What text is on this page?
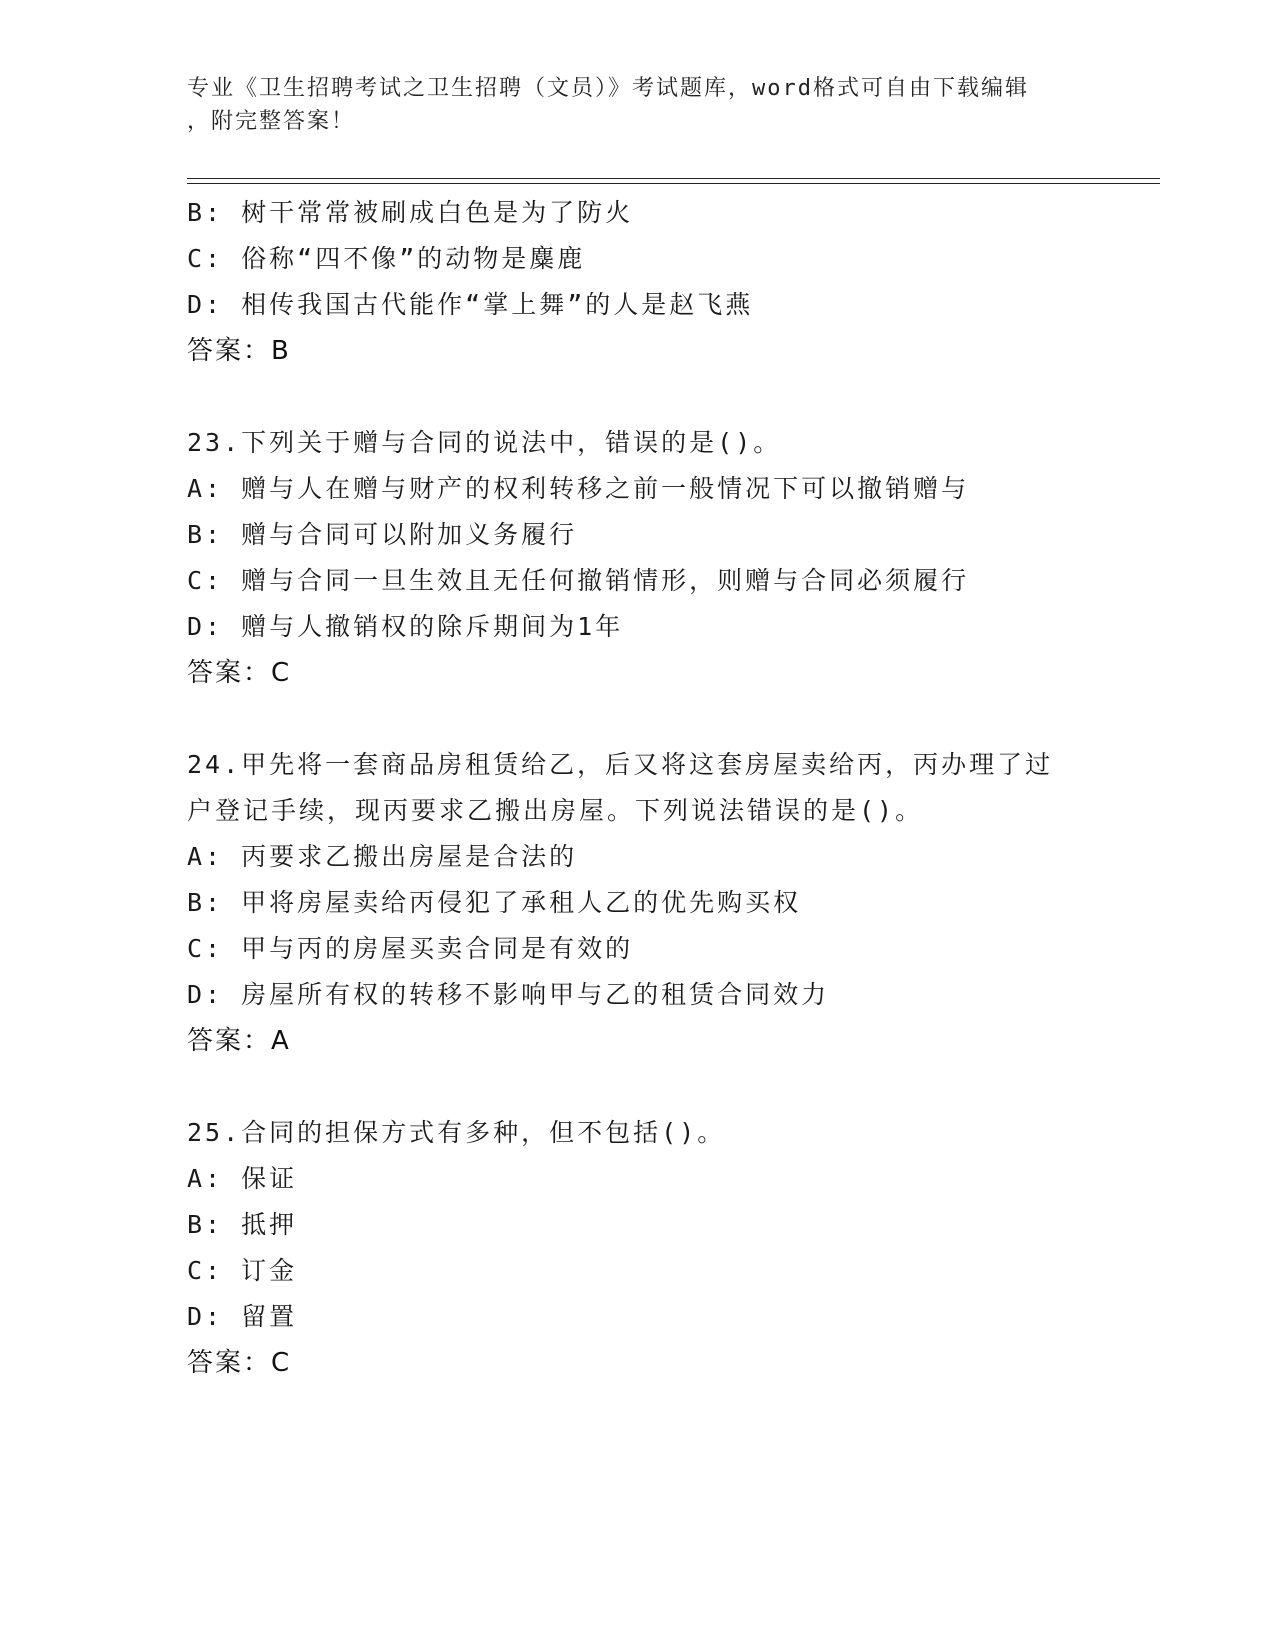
专业《卫生招聘考试之卫生招聘（文员）》考试题库，word格式可自由下载编辑
，附完整答案！
B: 树干常常被刷成白色是为了防火
C: 俗称“四不像”的动物是麋鹿
D: 相传我国古代能作“掌上舞”的人是赵飞燕
答案：B
23.下列关于赠与合同的说法中，错误的是()。
A: 赠与人在赠与财产的权利转移之前一般情况下可以撤销赠与
B: 赠与合同可以附加义务履行
C: 赠与合同一旦生效且无任何撤销情形，则赠与合同必须履行
D: 赠与人撤销权的除斥期间为1年
答案：C
24.甲先将一套商品房租赁给乙，后又将这套房屋卖给丙，丙办理了过
户登记手续，现丙要求乙搬出房屋。下列说法错误的是()。
A: 丙要求乙搬出房屋是合法的
B: 甲将房屋卖给丙侵犯了承租人乙的优先购买权
C: 甲与丙的房屋买卖合同是有效的
D: 房屋所有权的转移不影响甲与乙的租赁合同效力
答案：A
25.合同的担保方式有多种，但不包括()。
A: 保证
B: 抵押
C: 订金
D: 留置
答案：C
